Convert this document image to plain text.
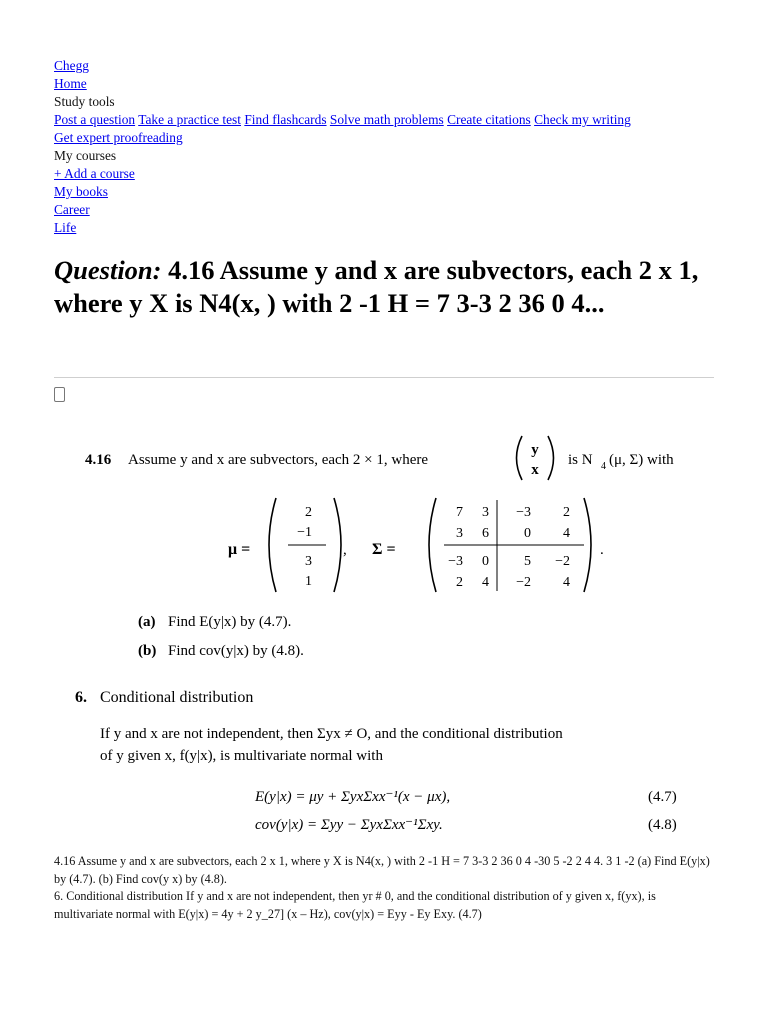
Chegg
Home
Study tools
Post a question Take a practice test Find flashcards Solve math problems Create citations Check my writing
Get expert proofreading
My courses
+ Add a course
My books
Career
Life
Question: 4.16 Assume y and x are subvectors, each 2 x 1, where y X is N4(x, ) with 2 -1 H = 7 3-3 2 36 0 4...
4.16 Assume y and x are subvectors, each 2 × 1, where
y
x
is N 4 (μ, Σ) with
μ =
2
−1
3
1
, Σ =
7 3 −3 2
3 6	0 4
−3 0	5 −2
2 4 −2 4
.
(a) Find E(y|x) by (4.7).
(b) Find cov(y|x) by (4.8).
6. Conditional distribution
If y and x are not independent, then Σyx ≠ O, and the conditional distribution
of y given x, f(y|x), is multivariate normal with
E(y|x) = μy + ΣyxΣxx⁻¹(x − μx),	(4.7)
cov(y|x) = Σyy − ΣyxΣxx⁻¹Σxy.	(4.8)

4.16 Assume y and x are subvectors, each 2 x 1, where y X is N4(x, ) with 2 -1 H = 7 3-3 2 36 0 4 -30 5 -2 2 4 4. 3 1 -2 (a) Find E(y|x) by (4.7). (b) Find cov(y x) by (4.8).

6. Conditional distribution If y and x are not independent, then yr # 0, and the conditional distribution of y given x, f(yx), is multivariate normal with E(y|x) = 4y + 2 y_27] (x – Hz), cov(y|x) = Eyy - Ey Exy. (4.7)
